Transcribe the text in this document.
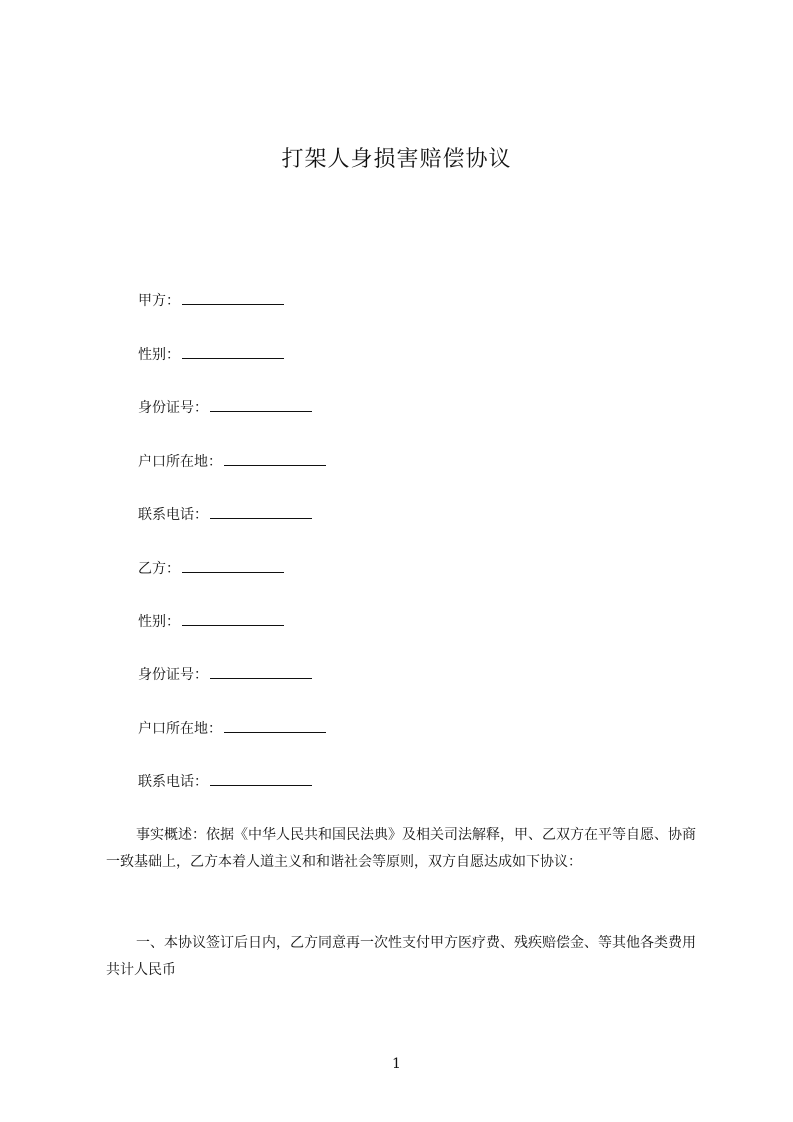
打架人身损害赔偿协议
甲方：
性别：
身份证号：
户口所在地：
联系电话：
乙方：
性别：
身份证号：
户口所在地：
联系电话：
事实概述：依据《中华人民共和国民法典》及相关司法解释，甲、乙双方在平等自愿、协商一致基础上，乙方本着人道主义和和谐社会等原则，双方自愿达成如下协议：
一、本协议签订后日内，乙方同意再一次性支付甲方医疗费、残疾赔偿金、等其他各类费用共计人民币
1
